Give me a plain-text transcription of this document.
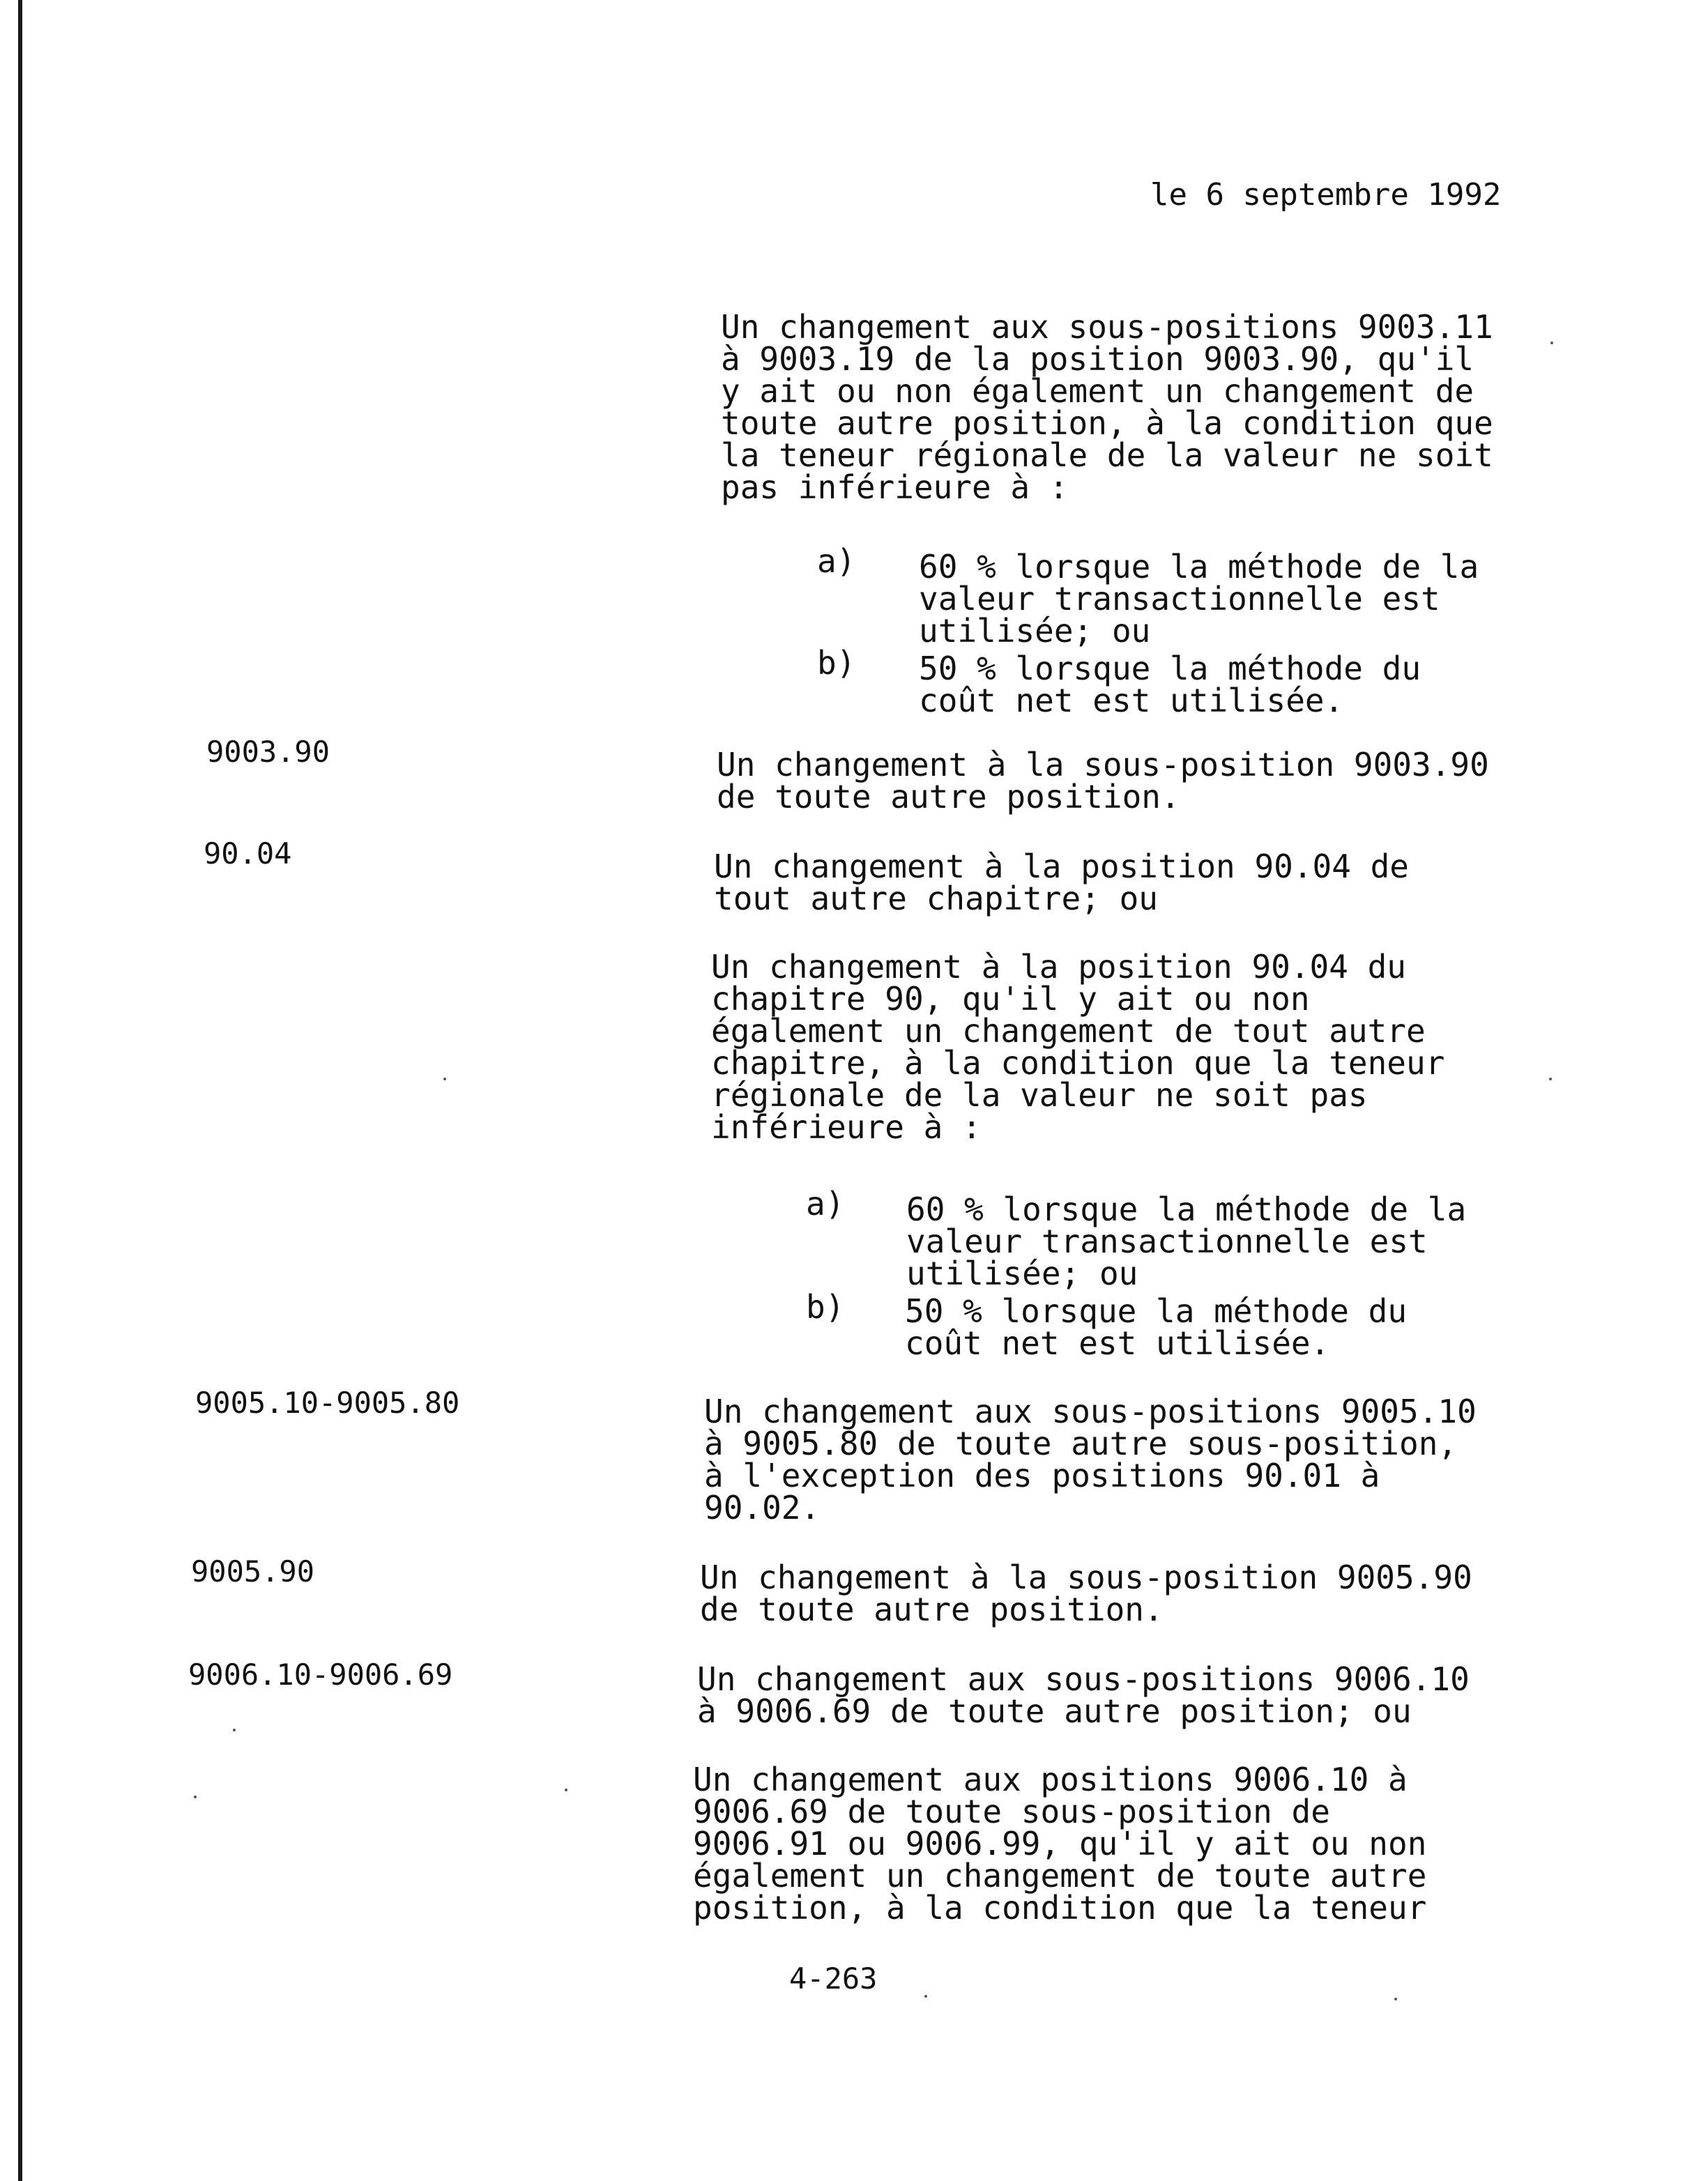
le 6 septembre 1992
Un changement aux sous-positions 9003.11
à 9003.19 de la position 9003.90, qu'il
y ait ou non également un changement de
toute autre position, à la condition que
la teneur régionale de la valeur ne soit
pas inférieure à :
a) 60 % lorsque la méthode de la
valeur transactionnelle est
utilisée; ou
b) 50 % lorsque la méthode du
coût net est utilisée.
9003.90	Un changement à la sous-position 9003.90
de toute autre position.
90.04	Un changement à la position 90.04 de
tout autre chapitre; ou
Un changement à la position 90.04 du
chapitre 90, qu'il y ait ou non
également un changement de tout autre
chapitre, à la condition que la teneur
régionale de la valeur ne soit pas
inférieure à :
a) 60 % lorsque la méthode de la
valeur transactionnelle est
utilisée; ou
b) 50 % lorsque la méthode du
coût net est utilisée.
9005.10-9005.80	Un changement aux sous-positions 9005.10
à 9005.80 de toute autre sous-position,
à l'exception des positions 90.01 à
90.02.
9005.90	Un changement à la sous-position 9005.90
de toute autre position.
9006.10-9006.69	Un changement aux sous-positions 9006.10
à 9006.69 de toute autre position; ou
Un changement aux positions 9006.10 à
9006.69 de toute sous-position de
9006.91 ou 9006.99, qu'il y ait ou non
également un changement de toute autre
position, à la condition que la teneur
4-263
